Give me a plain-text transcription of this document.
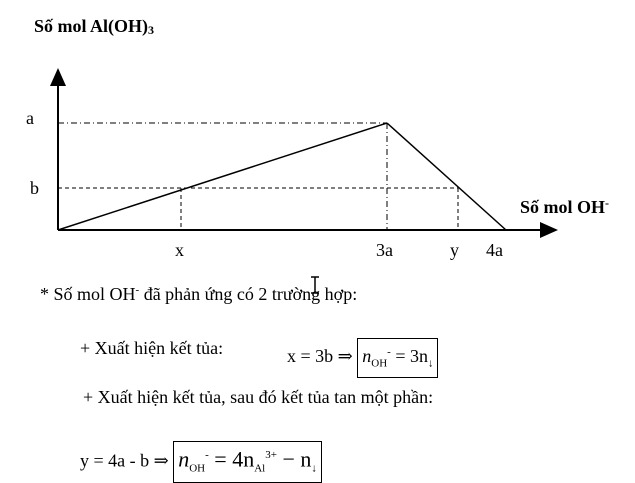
Số mol $Al(OH)_3$
Số mol OH-
a
b
x	3a	y 4a
* Số mol OH- đã phản ứng có 2 trường hợp:
+ Xuất hiện kết tủa:	x = 3b ⇒ $n_{OH}^- = 3n_↓$
+ Xuất hiện kết tủa, sau đó kết tủa tan một phần:
y = 4a - b ⇒ $n_{OH}^- = 4n_{Al}^{3+} - n_↓$
